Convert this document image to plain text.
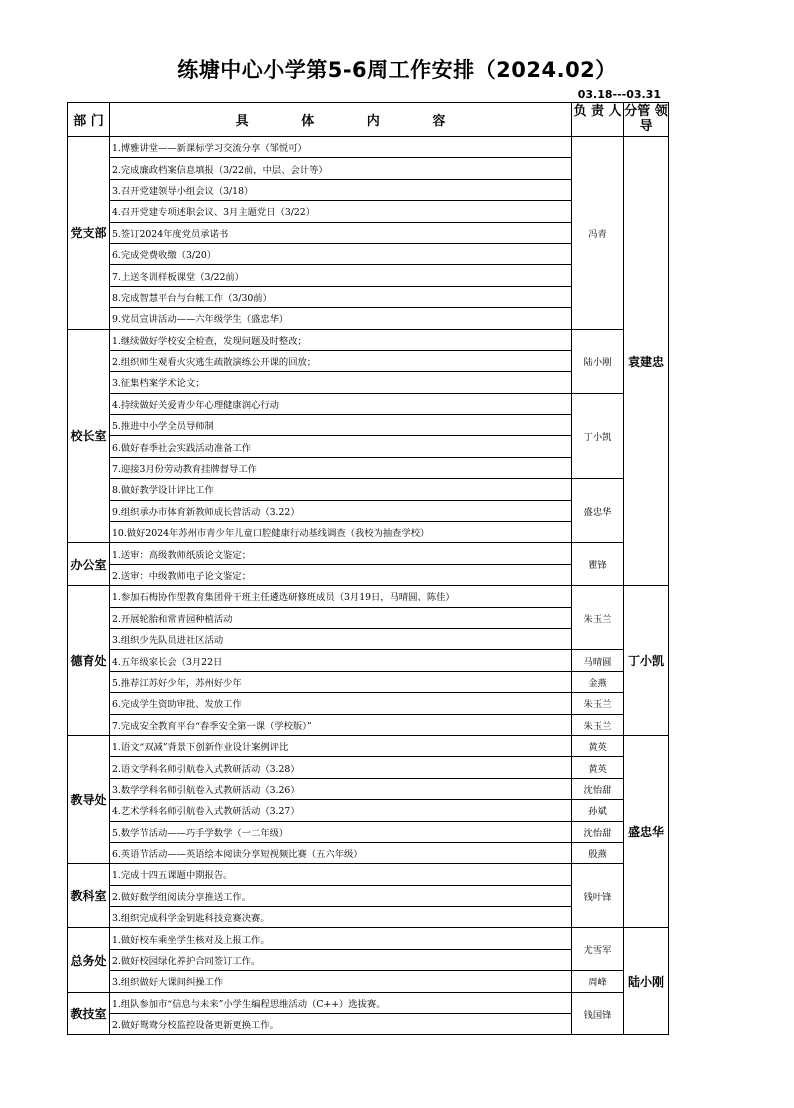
练塘中心小学第5-6周工作安排（2024.02）
03.18---03.31
部 门	具 体 内 容	负 责 人	分管 领导

党支部	1.博雅讲堂——新课标学习交流分享（邹悦可）	冯青	袁建忠
	2.完成廉政档案信息填报（3/22前，中层、会计等）		
	3.召开党建领导小组会议（3/18）		
	4.召开党建专项述职会议、3月主题党日（3/22）		
	5.签订2024年度党员承诺书		
	6.完成党费收缴（3/20）		
	7.上送冬训样板课堂（3/22前）		
	8.完成智慧平台与台帐工作（3/30前）		
	9.党员宣讲活动——六年级学生（盛忠华）		
校长室	1.继续做好学校安全检查，发现问题及时整改；	陆小刚	
	2.组织师生观看火灾逃生疏散演练公开课的回放；		
	3.征集档案学术论文；		
	4.持续做好关爱青少年心理健康润心行动	丁小凯	
	5.推进中小学全员导师制		
	6.做好春季社会实践活动准备工作		
	7.迎接3月份劳动教育挂牌督导工作		
	8.做好教学设计评比工作	盛忠华	
	9.组织承办市体育新教师成长营活动（3.22）		
	10.做好2024年苏州市青少年儿童口腔健康行动基线调查（我校为抽查学校）		
办公室	1.送审：高级教师纸质论文鉴定；	瞿锋	
	2.送审：中级教师电子论文鉴定；		
德育处	1.参加石梅协作型教育集团骨干班主任遴选研修班成员（3月19日，马晴圆、陈佳）	朱玉兰	丁小凯
	2.开展轮胎和常青园种植活动		
	3.组织少先队员进社区活动		
	4.五年级家长会（3月22日	马晴圆	
	5.推荐江苏好少年，苏州好少年	金燕	
	6.完成学生资助审批、发放工作	朱玉兰	
	7.完成安全教育平台“春季安全第一课（学校版）”	朱玉兰	
教导处	1.语文“双减”背景下创新作业设计案例评比	黄英	盛忠华
	2.语文学科名师引航卷入式教研活动（3.28）	黄英	
	3.数学学科名师引航卷入式教研活动（3.26）	沈怡甜	
	4.艺术学科名师引航卷入式教研活动（3.27）	孙斌	
	5.数学节活动——巧手学数学（一二年级）	沈怡甜	
	6.英语节活动——英语绘本阅读分享短视频比赛（五六年级）	殷燕	
教科室	1.完成十四五课题中期报告。	钱叶锋	
	2.做好数学组阅读分享推送工作。		
	3.组织完成科学金钥匙科技竞赛决赛。		
总务处	1.做好校车乘坐学生核对及上报工作。	尤雪军	陆小刚
	2.做好校园绿化养护合同签订工作。		
	3.组织做好大课间纠操工作	周峰	
教技室	1.组队参加市“信息与未来”小学生编程思维活动（C++）选拔赛。	钱国锋	
	2.做好鸳鸯分校监控设备更新更换工作。		
